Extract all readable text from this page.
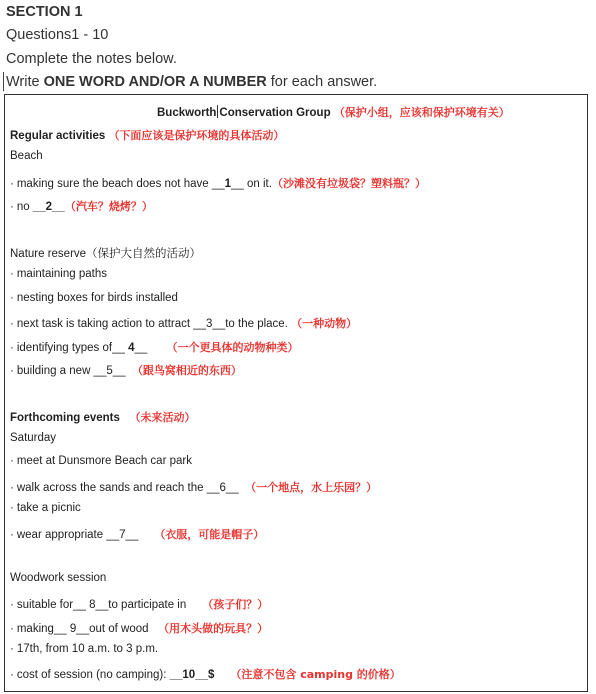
SECTION 1
Questions1 - 10
Complete the notes below.
Write ONE WORD AND/OR A NUMBER for each answer.
Buckworth Conservation Group （保护小组，应该和保护环境有关）
Regular activities （下面应该是保护环境的具体活动）
Beach
· making sure the beach does not have __1__ on it.（沙滩没有垃圾袋？塑料瓶？）
· no __2__（汽车？烧烤？）
Nature reserve（保护大自然的活动）
· maintaining paths
· nesting boxes for birds installed
· next task is taking action to attract __3__to the place. （一种动物）
· identifying types of__ 4__ （一个更具体的动物种类）
· building a new __5__ （跟鸟窝相近的东西）
Forthcoming events （未来活动）
Saturday
· meet at Dunsmore Beach car park
· walk across the sands and reach the __6__ （一个地点，水上乐园？）
· take a picnic
· wear appropriate __7__ （衣服，可能是帽子）
Woodwork session
· suitable for__ 8__to participate in （孩子们？）
· making__ 9__out of wood （用木头做的玩具？）
· 17th, from 10 a.m. to 3 p.m.
· cost of session (no camping): __10__$ （注意不包含 camping 的价格）
